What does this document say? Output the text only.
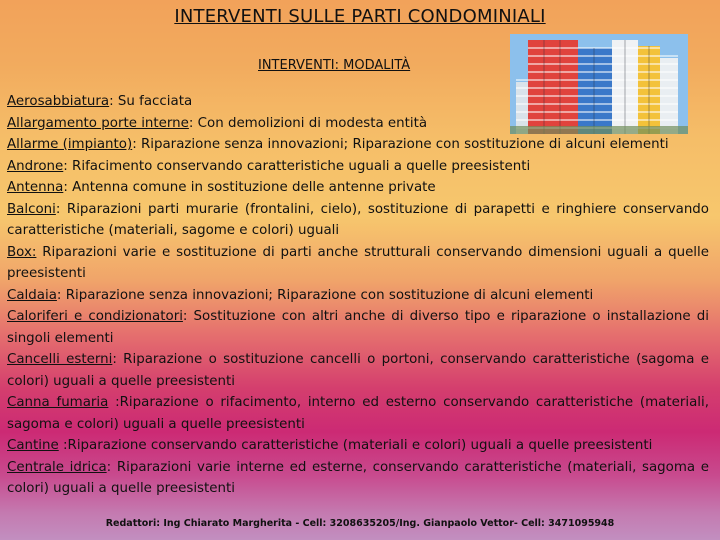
INTERVENTI SULLE PARTI CONDOMINIALI
INTERVENTI: MODALITÀ
Aerosabbiatura: Su facciata
Allargamento porte interne: Con demolizioni di modesta entità
Allarme (impianto): Riparazione senza innovazioni; Riparazione con sostituzione di alcuni elementi
Androne: Rifacimento conservando caratteristiche uguali a quelle preesistenti
Antenna: Antenna comune in sostituzione delle antenne private
Balconi: Riparazioni parti murarie (frontalini, cielo), sostituzione di parapetti e ringhiere conservando caratteristiche (materiali, sagome e colori) uguali
Box: Riparazioni varie e sostituzione di parti anche strutturali conservando dimensioni uguali a quelle preesistenti
Caldaia: Riparazione senza innovazioni; Riparazione con sostituzione di alcuni elementi
Caloriferi e condizionatori: Sostituzione con altri anche di diverso tipo e riparazione o installazione di singoli elementi
Cancelli esterni: Riparazione o sostituzione cancelli o portoni, conservando caratteristiche (sagoma e colori) uguali a quelle preesistenti
Canna fumaria :Riparazione o rifacimento, interno ed esterno conservando caratteristiche (materiali, sagoma e colori) uguali a quelle preesistenti
Cantine :Riparazione conservando caratteristiche (materiali e colori) uguali a quelle preesistenti
Centrale idrica: Riparazioni varie interne ed esterne, conservando caratteristiche (materiali, sagoma e colori) uguali a quelle preesistenti
Redattori: Ing Chiarato Margherita - Cell: 3208635205/Ing. Gianpaolo Vettor- Cell: 3471095948
